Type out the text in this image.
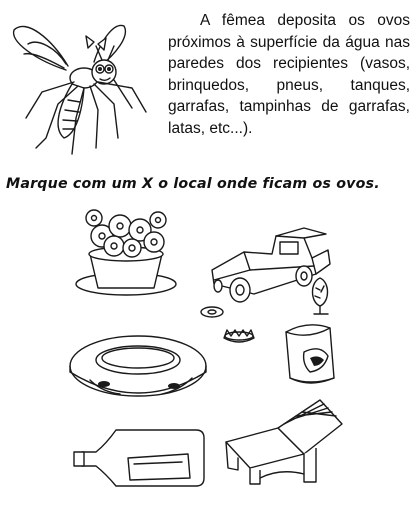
A fêmea deposita os ovos próximos à superfície da água nas paredes dos recipientes (vasos, brinquedos, pneus, tanques, garrafas, tampinhas de garrafas, latas, etc...).
Marque com um X o local onde ficam os ovos.
